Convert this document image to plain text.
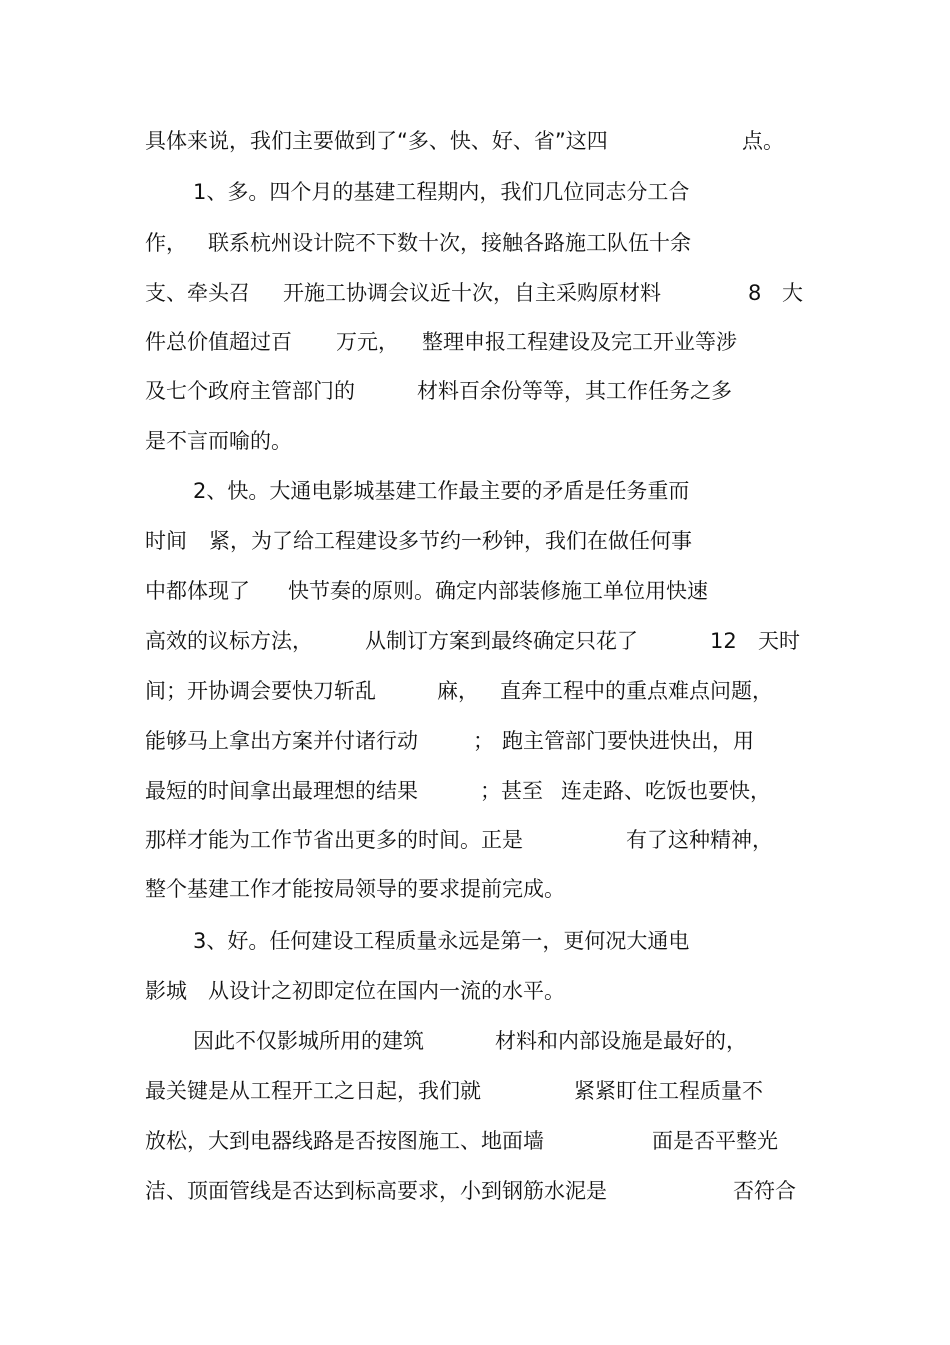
具体来说，我们主要做到了“多、快、好、省”这四

	点。

1、多。四个月的基建工程期内，我们几位同志分工合

作，

联系杭州设计院不下数十次，接触各路施工队伍十余

支、牵头召

开施工协调会议近十次，自主采购原材料

	8

大

件总价值超过百

万元，

整理申报工程建设及完工开业等涉

及七个政府主管部门的

	材料百余份等等，其工作任务之多

是不言而喻的。

2、快。大通电影城基建工作最主要的矛盾是任务重而

时间

紧，为了给工程建设多节约一秒钟，我们在做任何事

中都体现了

快节奏的原则。确定内部装修施工单位用快速

高效的议标方法，

从制订方案到最终确定只花了

	12

天时

间；开协调会要快刀斩乱

	麻，

直奔工程中的重点难点问题，

能够马上拿出方案并付诸行动

	；

跑主管部门要快进快出，用

最短的时间拿出最理想的结果

	；甚至

连走路、吃饭也要快，

那样才能为工作节省出更多的时间。正是

	有了这种精神，

整个基建工作才能按局领导的要求提前完成。

3、好。任何建设工程质量永远是第一，更何况大通电

影城

从设计之初即定位在国内一流的水平。

因此不仅影城所用的建筑

	材料和内部设施是最好的，

最关键是从工程开工之日起，我们就

	紧紧盯住工程质量不

放松，大到电器线路是否按图施工、地面墙

	面是否平整光

洁、顶面管线是否达到标高要求，小到钢筋水泥是

	否符合
